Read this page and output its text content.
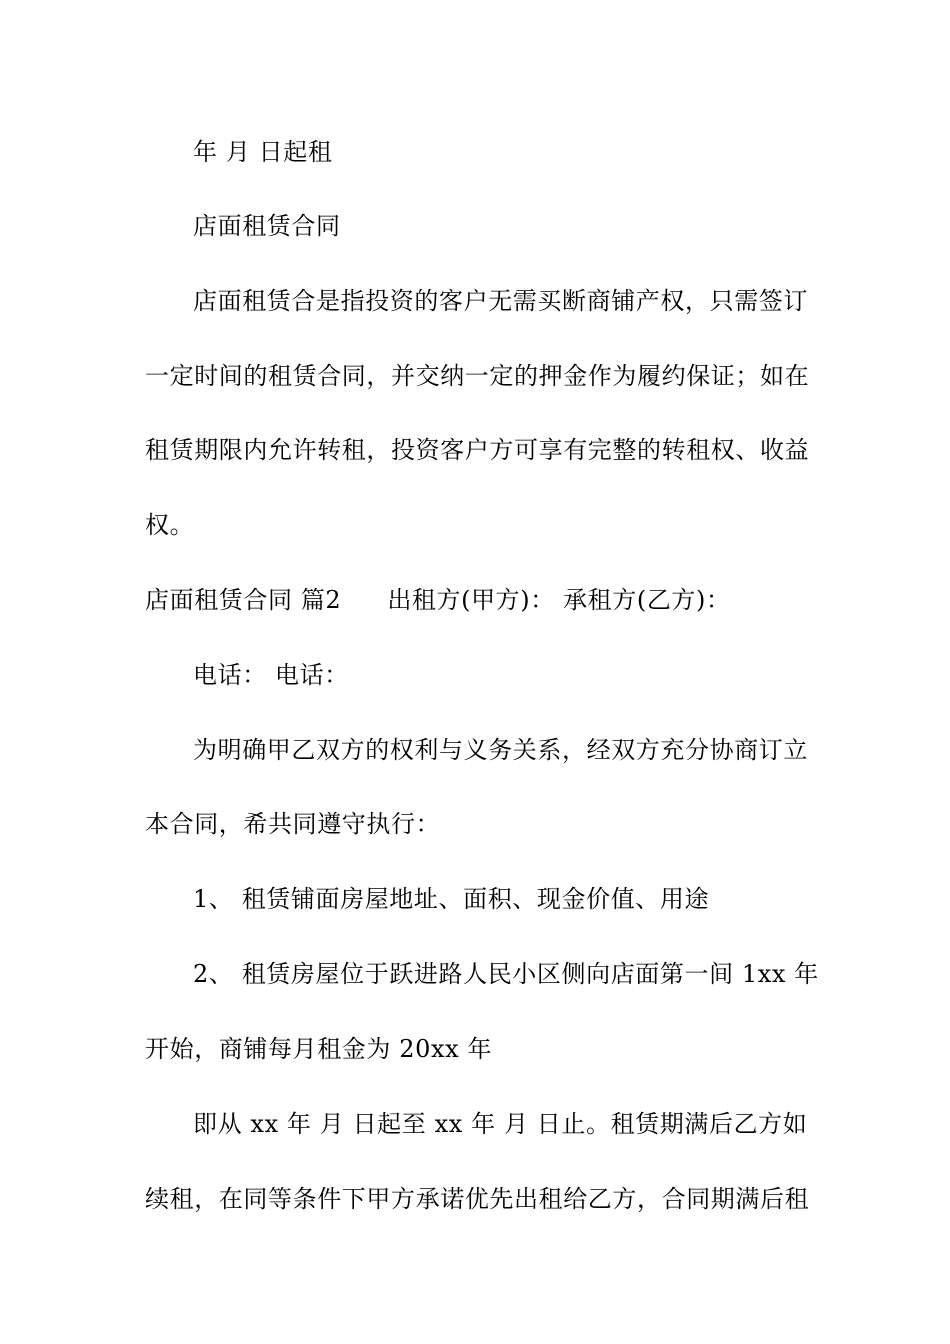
年 月 日起租
店面租赁合同
店面租赁合是指投资的客户无需买断商铺产权，只需签订
一定时间的租赁合同，并交纳一定的押金作为履约保证；如在
租赁期限内允许转租，投资客户方可享有完整的转租权、收益
权。
店面租赁合同 篇2 出租方(甲方)： 承租方(乙方)：
电话： 电话：
为明确甲乙双方的权利与义务关系，经双方充分协商订立
本合同，希共同遵守执行：
1、 租赁铺面房屋地址、面积、现金价值、用途
2、 租赁房屋位于跃进路人民小区侧向店面第一间 1xx 年
开始，商铺每月租金为 20xx 年
即从 xx 年 月 日起至 xx 年 月 日止。租赁期满后乙方如
续租，在同等条件下甲方承诺优先出租给乙方，合同期满后租
